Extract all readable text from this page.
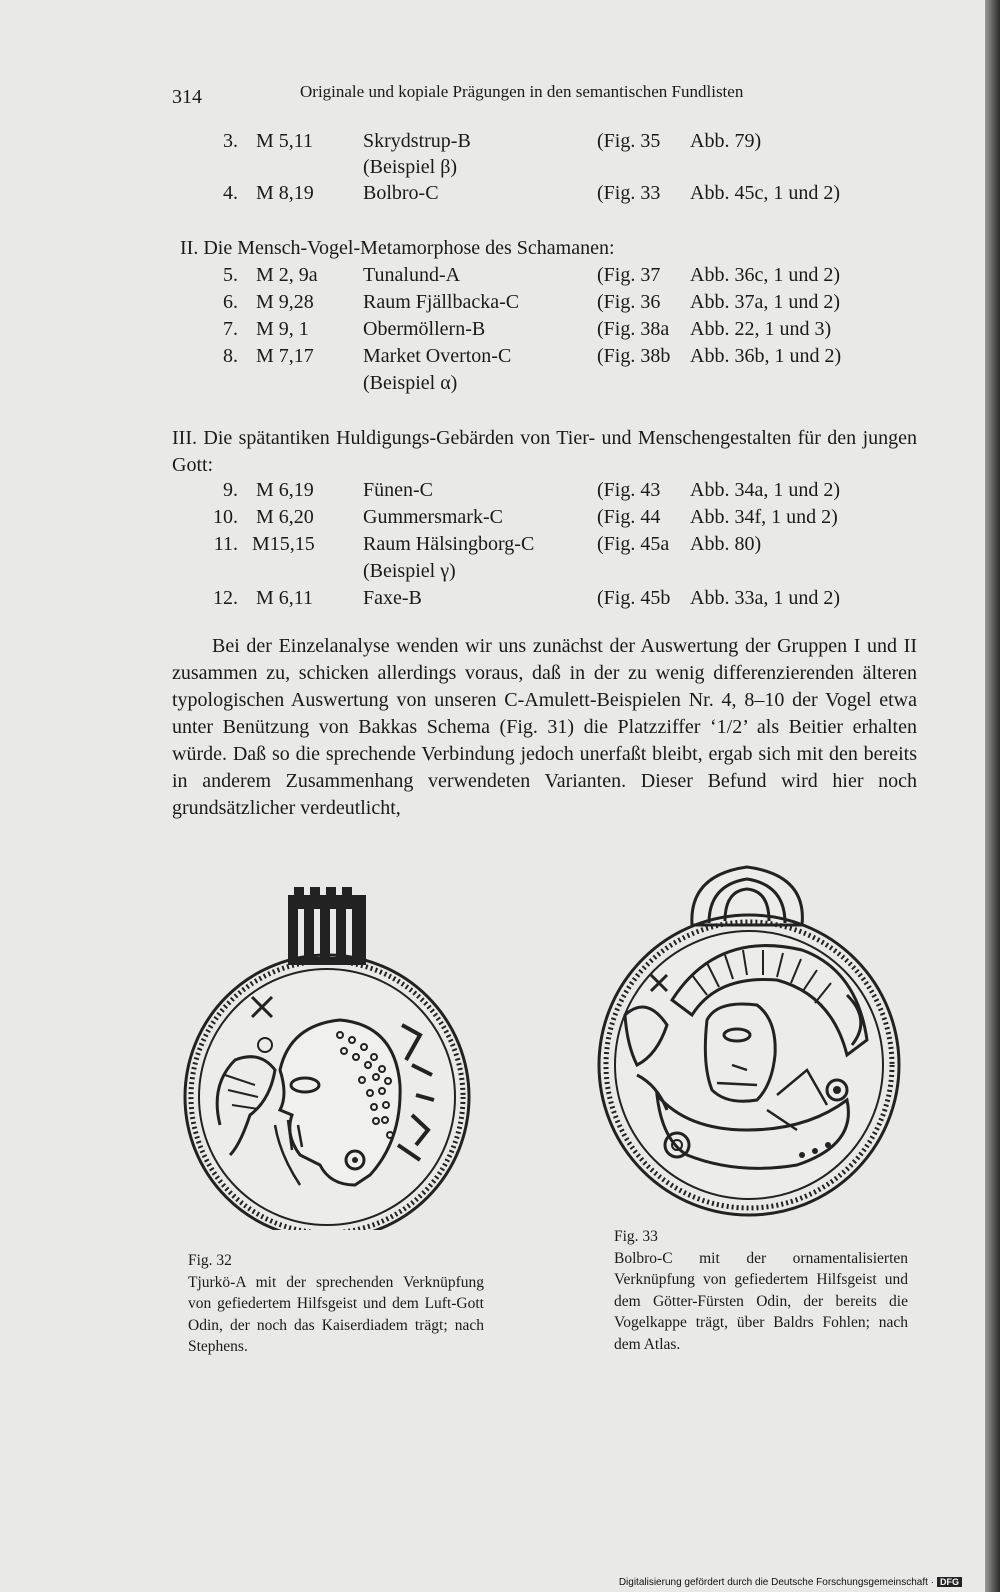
314	Originale und kopiale Prägungen in den semantischen Fundlisten
3. M 5,11 Skrydstrup-B	(Fig. 35 Abb. 79)
(Beispiel β)
4. M 8,19 Bolbro-C	(Fig. 33 Abb. 45c, 1 und 2)
II. Die Mensch-Vogel-Metamorphose des Schamanen:
5. M 2, 9a Tunalund-A	(Fig. 37 Abb. 36c, 1 und 2)
6. M 9,28 Raum Fjällbacka-C	(Fig. 36 Abb. 37a, 1 und 2)
7. M 9, 1	Obermöllern-B	(Fig. 38a Abb. 22, 1 und 3)
8. M 7,17 Market Overton-C	(Fig. 38b Abb. 36b, 1 und 2)
(Beispiel α)
III. Die spätantiken Huldigungs-Gebärden von Tier- und Menschengestalten für den jungen Gott:
9. M 6,19 Fünen-C	(Fig. 43 Abb. 34a, 1 und 2)
10. M 6,20 Gummersmark-C	(Fig. 44 Abb. 34f, 1 und 2)
11. M15,15 Raum Hälsingborg-C	(Fig. 45a Abb. 80)
(Beispiel γ)
12. M 6,11 Faxe-B	(Fig. 45b Abb. 33a, 1 und 2)

Bei der Einzelanalyse wenden wir uns zunächst der Auswertung der Gruppen I und II zusammen zu, schicken allerdings voraus, daß in der zu wenig differenzierenden älteren typologischen Auswertung von unseren C-Amulett-Beispielen Nr. 4, 8–10 der Vogel etwa unter Benützung von Bakkas Schema (Fig. 31) die Platzziffer ‘1/2’ als Beitier erhalten würde. Daß so die sprechende Verbindung jedoch unerfaßt bleibt, ergab sich mit den bereits in anderem Zusammenhang verwendeten Varianten. Dieser Befund wird hier noch grundsätzlicher verdeutlicht,

Fig. 32
Tjurkö-A mit der sprechenden Verknüpfung von gefiedertem Hilfsgeist und dem Luft-Gott Odin, der noch das Kaiserdiadem trägt; nach Stephens.
Fig. 33
Bolbro-C mit der ornamentalisierten Verknüpfung von gefiedertem Hilfsgeist und dem Götter-Fürsten Odin, der bereits die Vogelkappe trägt, über Baldrs Fohlen; nach dem Atlas.
Digitalisierung gefördert durch die Deutsche Forschungsgemeinschaft · DFG
